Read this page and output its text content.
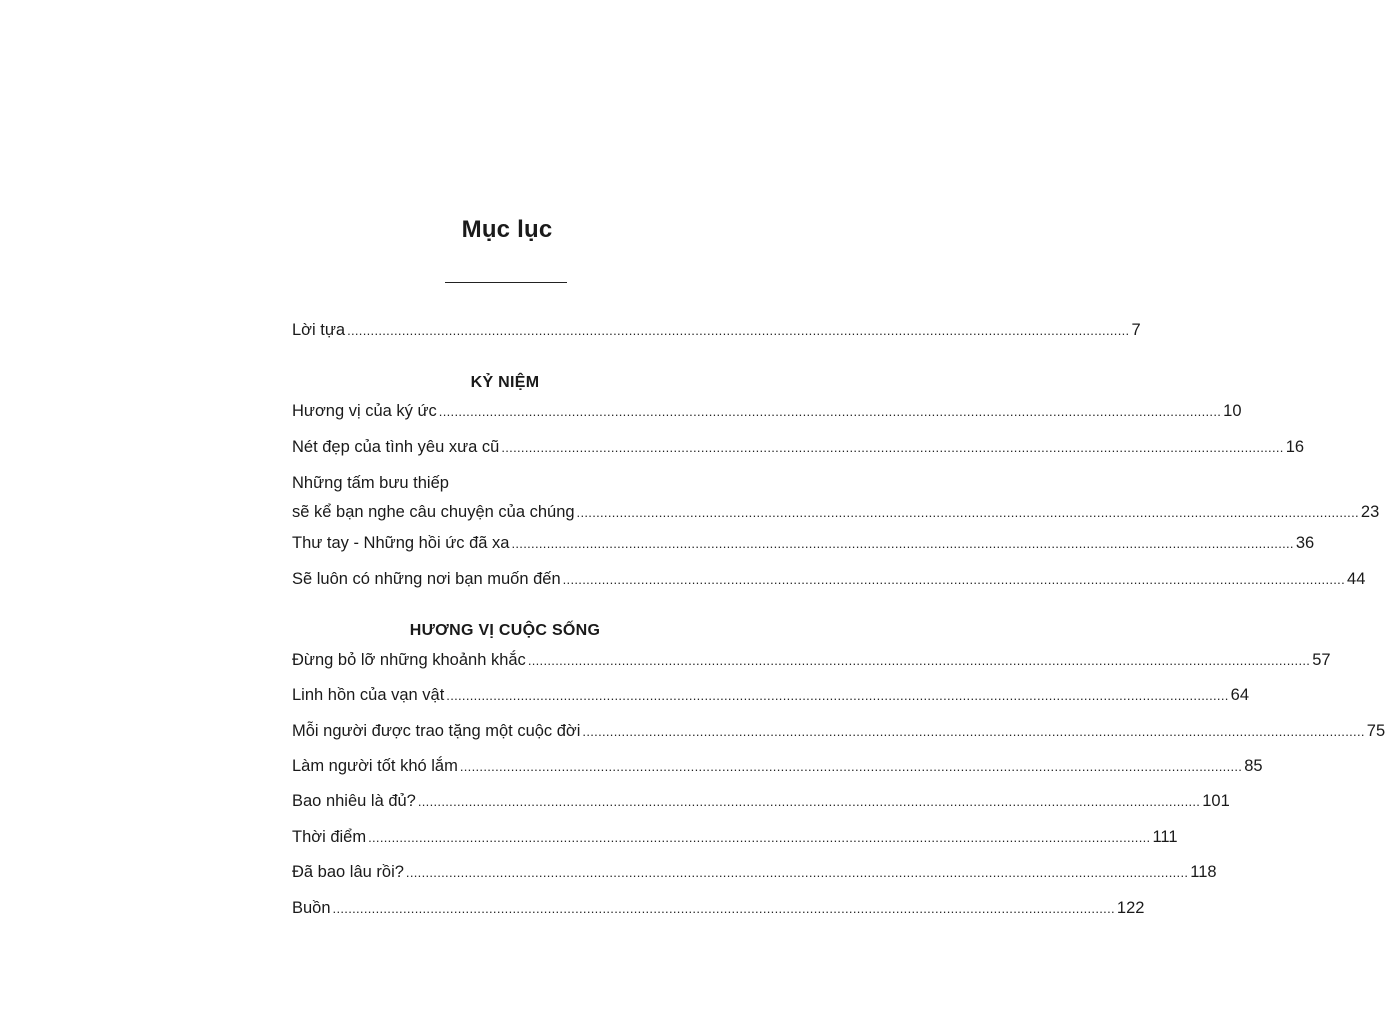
Mục lục
Lời tựa ........................................................................................................................................................................................................ 7
KỶ NIỆM
Hương vị của ký ức ........................................................................................................................................................................................................ 10
Nét đẹp của tình yêu xưa cũ ........................................................................................................................................................................................................ 16
Những tấm bưu thiếp
sẽ kể bạn nghe câu chuyện của chúng ........................................................................................................................................................................................................ 23
Thư tay - Những hồi ức đã xa ........................................................................................................................................................................................................ 36
Sẽ luôn có những nơi bạn muốn đến ........................................................................................................................................................................................................ 44
HƯƠNG VỊ CUỘC SỐNG
Đừng bỏ lỡ những khoảnh khắc ........................................................................................................................................................................................................ 57
Linh hồn của vạn vật ........................................................................................................................................................................................................ 64
Mỗi người được trao tặng một cuộc đời ........................................................................................................................................................................................................ 75
Làm người tốt khó lắm ........................................................................................................................................................................................................ 85
Bao nhiêu là đủ? ........................................................................................................................................................................................................ 101
Thời điểm ........................................................................................................................................................................................................ 111
Đã bao lâu rồi? ........................................................................................................................................................................................................ 118
Buồn ........................................................................................................................................................................................................ 122
